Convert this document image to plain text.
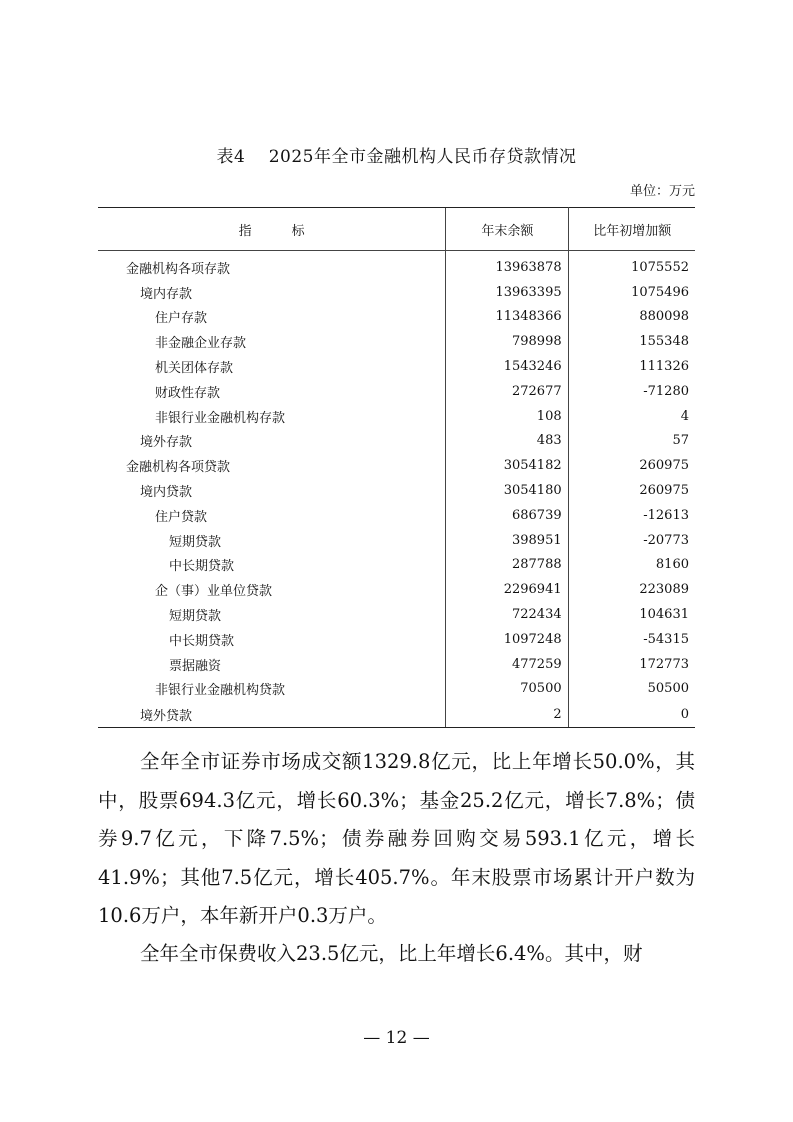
表4　 2025年全市金融机构人民币存贷款情况
单位：万元
指 标	年末余额	比年初增加额
金融机构各项存款	13963878	1075552
境内存款	13963395	1075496
住户存款	11348366	880098
非金融企业存款	798998	155348
机关团体存款	1543246	111326
财政性存款	272677	-71280
非银行业金融机构存款	108	4
境外存款	483	57
金融机构各项贷款	3054182	260975
境内贷款	3054180	260975
住户贷款	686739	-12613
短期贷款	398951	-20773
中长期贷款	287788	8160
企（事）业单位贷款	2296941	223089
短期贷款	722434	104631
中长期贷款	1097248	-54315
票据融资	477259	172773
非银行业金融机构贷款	70500	50500
境外贷款	2	0
全年全市证券市场成交额1329.8亿元，比上年增长50.0%，其中，股票694.3亿元，增长60.3%；基金25.2亿元，增长7.8%；债券9.7亿元，下降7.5%；债券融券回购交易593.1亿元，增长41.9%；其他7.5亿元，增长405.7%。年末股票市场累计开户数为10.6万户，本年新开户0.3万户。
全年全市保费收入23.5亿元，比上年增长6.4%。其中，财
— 12 —
